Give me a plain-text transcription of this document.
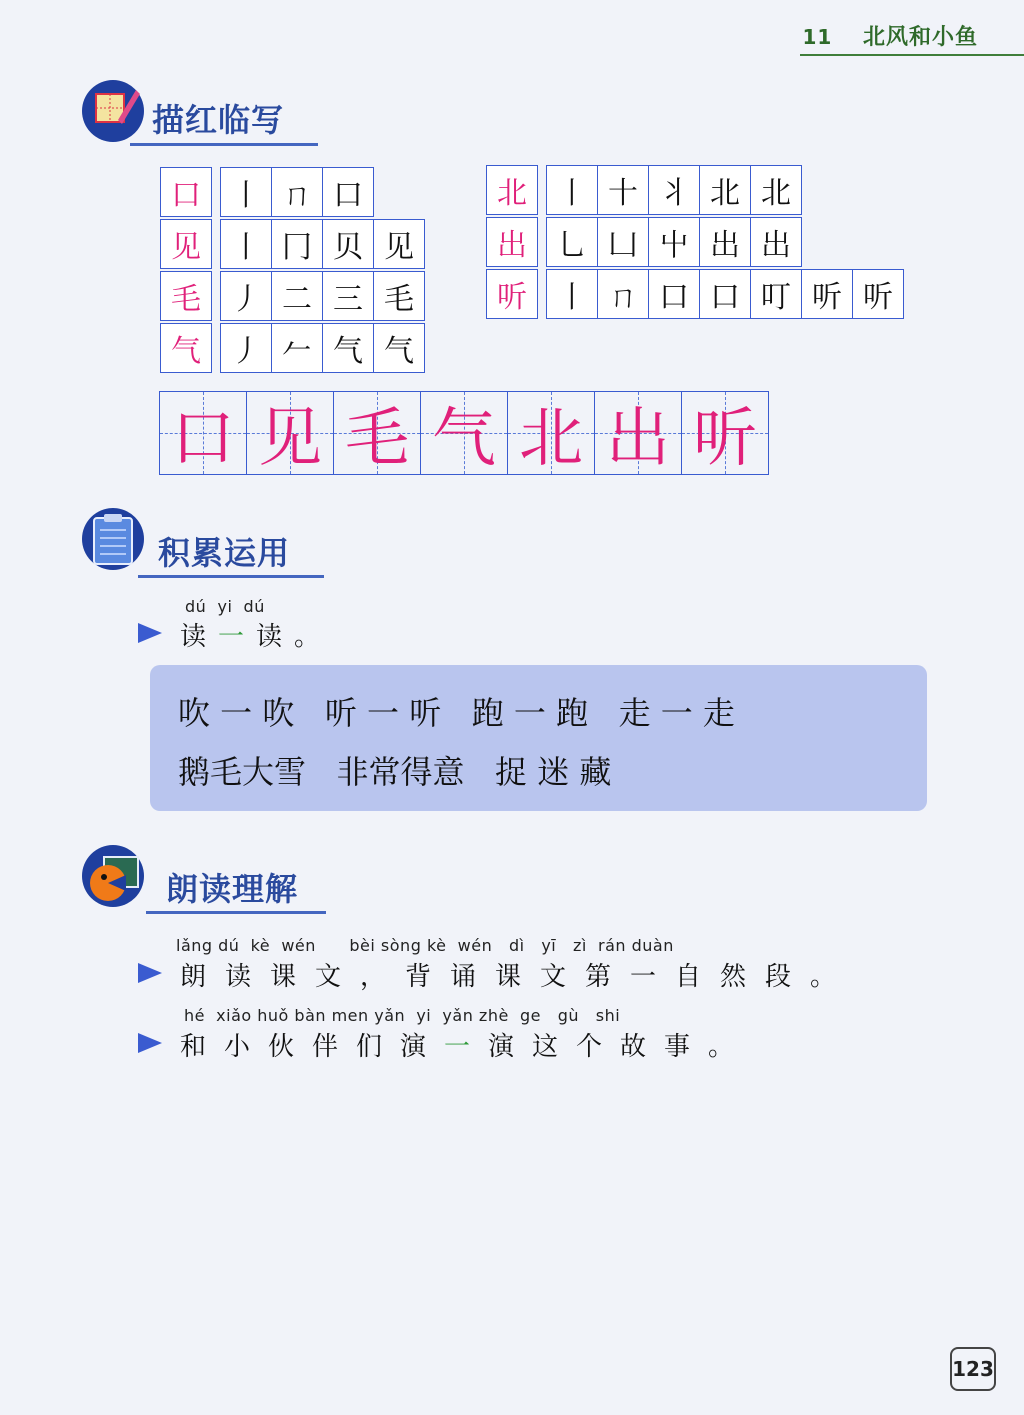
11 北风和小鱼
描红临写
口	丨 ㄇ 口
见	丨 冂 贝 见
毛	丿 二 三 毛
气	丿 𠂉 气 气
北	丨 十 丬 北 北
出	乚 凵 屮 出 出
听	丨 ㄇ 口 口 叮 听 听
口 见 毛 气 北 出 听
积累运用
dú  yi  dú
读一读。
吹 一 吹   听 一 听   跑 一 跑   走 一 走
鹅毛大雪   非常得意   捉 迷 藏
朗读理解
lǎng dú  kè  wén      bèi sòng kè  wén   dì   yī   zì  rán duàn
朗读课文，背诵课文第一自然段。
hé  xiǎo huǒ bàn men yǎn  yi  yǎn zhè  ge   gù   shi
和小伙伴们演一演这个故事。
123
